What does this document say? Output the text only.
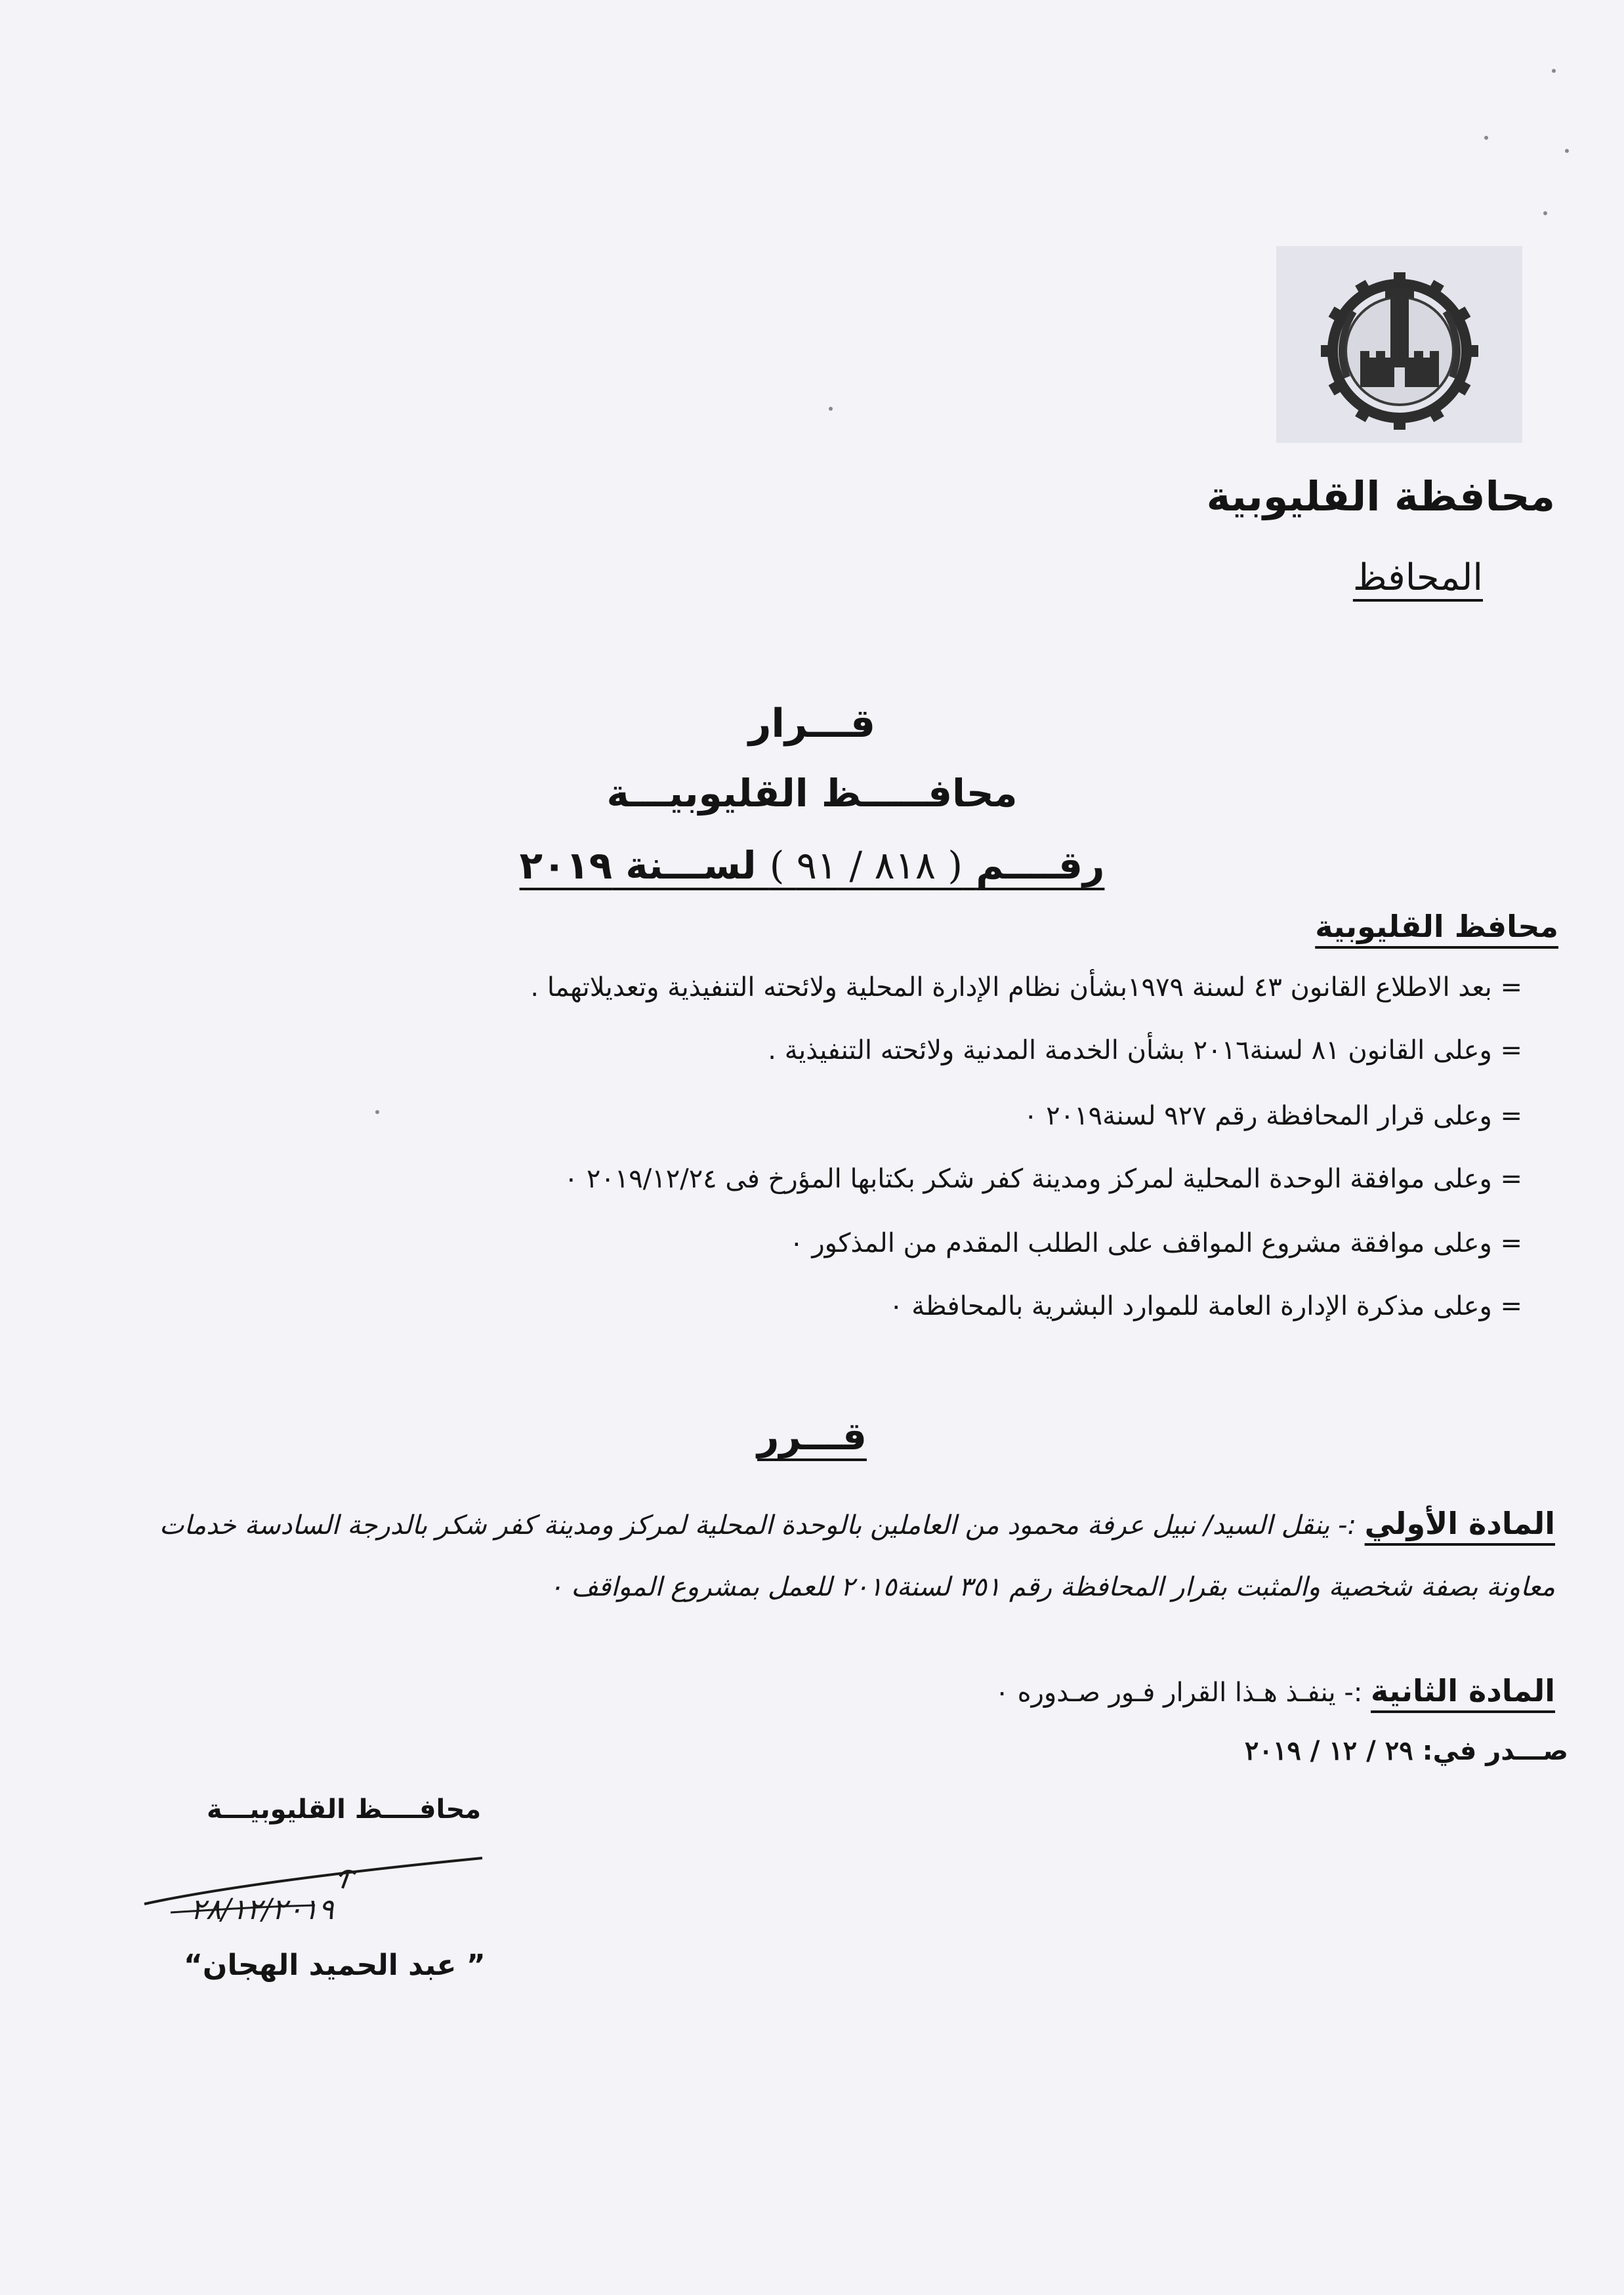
محافظة القليوبية
المحافظ
قـــرار
محافـــــظ القليوبيـــة
رقــــم ( ٨١٨ / ٩١ ) لســـنة ٢٠١٩
محافظ القليوبية
= بعد الاطلاع القانون ٤٣ لسنة ١٩٧٩بشأن نظام الإدارة المحلية ولائحته التنفيذية وتعديلاتهما .
= وعلى القانون ٨١ لسنة٢٠١٦ بشأن الخدمة المدنية ولائحته التنفيذية .
= وعلى قرار المحافظة رقم ٩٢٧ لسنة٢٠١٩ ٠
= وعلى موافقة الوحدة المحلية لمركز ومدينة كفر شكر بكتابها المؤرخ فى ٢٠١٩/١٢/٢٤ ٠
= وعلى موافقة مشروع المواقف على الطلب المقدم من المذكور ٠
= وعلى مذكرة الإدارة العامة للموارد البشرية بالمحافظة ٠
قـــرر
المادة الأولي :- ينقل السيد/ نبيل عرفة محمود من العاملين بالوحدة المحلية لمركز ومدينة كفر شكر بالدرجة السادسة خدمات معاونة بصفة شخصية والمثبت بقرار المحافظة رقم ٣٥١ لسنة٢٠١٥ للعمل بمشروع المواقف ٠
المادة الثانية :- ينفـذ هـذا القرار فـور صـدوره ٠
صـــدر في: ٢٩ / ١٢ / ٢٠١٩
محافــــظ القليوبيـــة
٢٨/١٢/٢٠١٩
” عبد الحميد الهجان“
